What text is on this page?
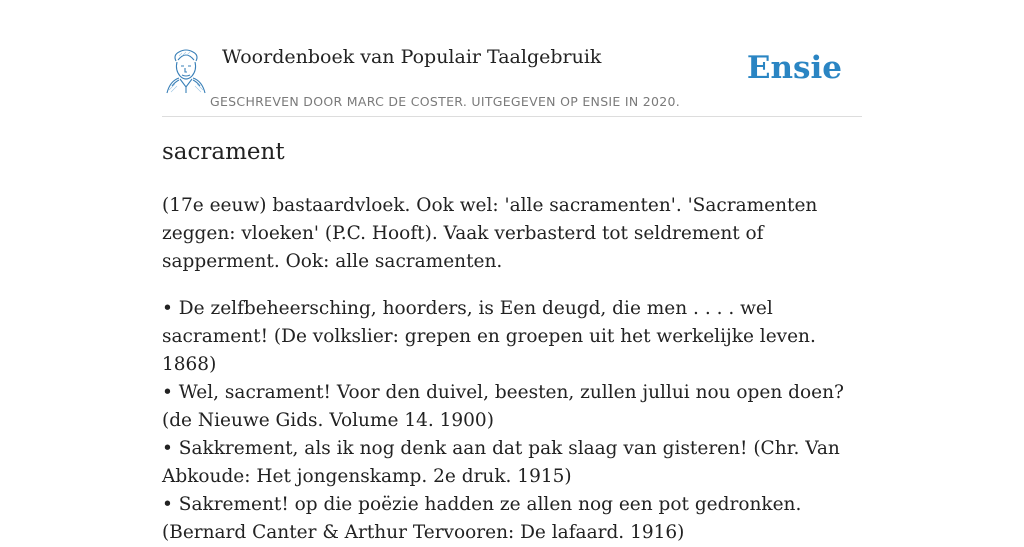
Woordenboek van Populair Taalgebruik
GESCHREVEN DOOR MARC DE COSTER. UITGEGEVEN OP ENSIE IN 2020.
Ensie
sacrament

(17e eeuw) bastaardvloek. Ook wel: 'alle sacramenten'. 'Sacramenten zeggen: vloeken' (P.C. Hooft). Vaak verbasterd tot seldrement of sapperment. Ook: alle sacramenten.

• De zelfbeheersching, hoorders, is Een deugd, die men . . . . wel sacrament! (De volkslier: grepen en groepen uit het werkelijke leven. 1868)

• Wel, sacrament! Voor den duivel, beesten, zullen jullui nou open doen? (de Nieuwe Gids. Volume 14. 1900)

• Sakkrement, als ik nog denk aan dat pak slaag van gisteren! (Chr. Van Abkoude: Het jongenskamp. 2e druk. 1915)

• Sakrement! op die poëzie hadden ze allen nog een pot gedronken. (Bernard Canter & Arthur Tervooren: De lafaard. 1916)
